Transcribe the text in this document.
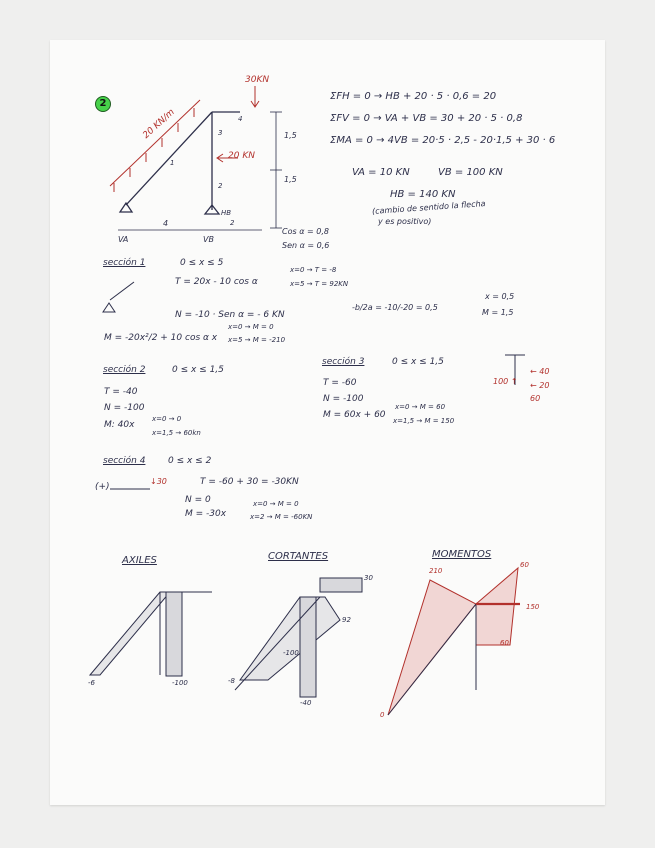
2
30KN
20 KN/m
20 KN
1,5
1,5
4	2
4
3
1
2
VA	VB
HB
ΣFH = 0 → HB + 20 · 5 · 0,6 = 20
ΣFV = 0 → VA + VB = 30 + 20 · 5 · 0,8
ΣMA = 0 → 4VB = 20·5 · 2,5 - 20·1,5 + 30 · 6
VA = 10 KN	VB = 100 KN
HB = 140 KN
(cambio de sentido la flecha
y es positivo)
Cos α = 0,8
Sen α = 0,6
sección 1	0 ≤ x ≤ 5
T = 20x - 10 cos α
x=0 → T = -8
x=5 → T = 92KN
N = -10 · Sen α = - 6 KN
M = -20x²/2 + 10 cos α x
x=0 → M = 0
x=5 → M = -210
-b/2a = -10/-20 = 0,5
x = 0,5
M = 1,5
sección 2	0 ≤ x ≤ 1,5
T = -40
N = -100
M: 40x
x=0 → 0
x=1,5 → 60kn
sección 3	0 ≤ x ≤ 1,5
T = -60
N = -100
M = 60x + 60
x=0 → M = 60
x=1,5 → M = 150
← 40
← 20
100 ↑
60
sección 4	0 ≤ x ≤ 2
T = -60 + 30 = -30KN
N = 0
M = -30x
x=0 → M = 0
x=2 → M = -60KN
↓30
(+)
AXILES
-6	-100
CORTANTES
30
92
-8
-40
-100
MOMENTOS
210
60
150
60
0
